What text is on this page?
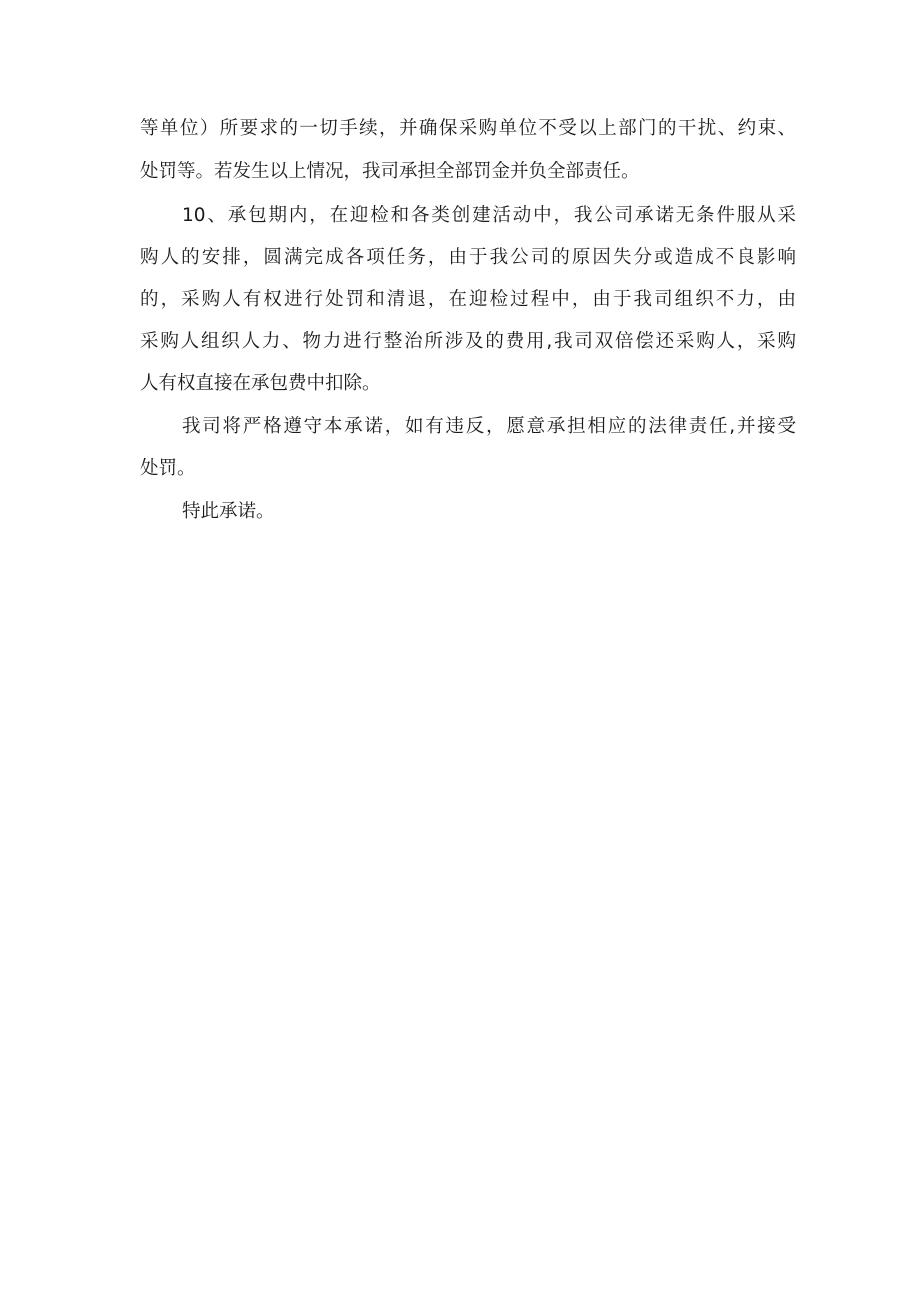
等单位）所要求的一切手续，并确保采购单位不受以上部门的干扰、约束、
处罚等。若发生以上情况，我司承担全部罚金并负全部责任。
10、承包期内，在迎检和各类创建活动中，我公司承诺无条件服从采
购人的安排，圆满完成各项任务，由于我公司的原因失分或造成不良影响
的，采购人有权进行处罚和清退，在迎检过程中，由于我司组织不力，由
采购人组织人力、物力进行整治所涉及的费用,我司双倍偿还采购人，采购
人有权直接在承包费中扣除。
我司将严格遵守本承诺，如有违反，愿意承担相应的法律责任,并接受
处罚。
特此承诺。
